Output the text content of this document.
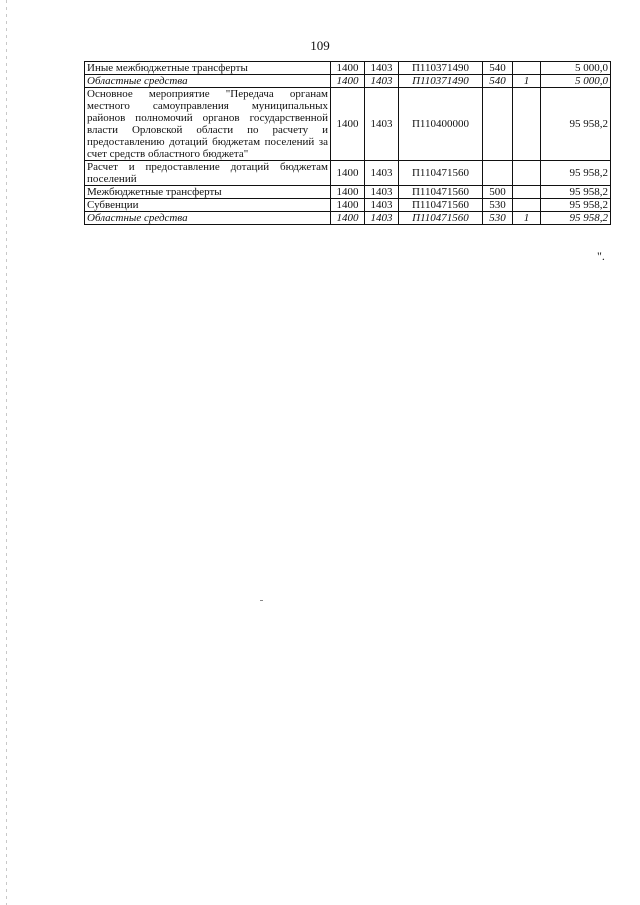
109
Иные межбюджетные трансферты	1400	1403	П110371490	540		5 000,0
Областные средства	1400	1403	П110371490	540	1	5 000,0
Основное мероприятие "Передача органам местного самоуправления муниципальных районов полномочий органов государственной власти Орловской области по расчету и предоставлению дотаций бюджетам поселений за счет средств областного бюджета"	1400	1403	П110400000			95 958,2
Расчет и предоставление дотаций бюджетам поселений	1400	1403	П110471560			95 958,2
Межбюджетные трансферты	1400	1403	П110471560	500		95 958,2
Субвенции	1400	1403	П110471560	530		95 958,2
Областные средства	1400	1403	П110471560	530	1	95 958,2
".
